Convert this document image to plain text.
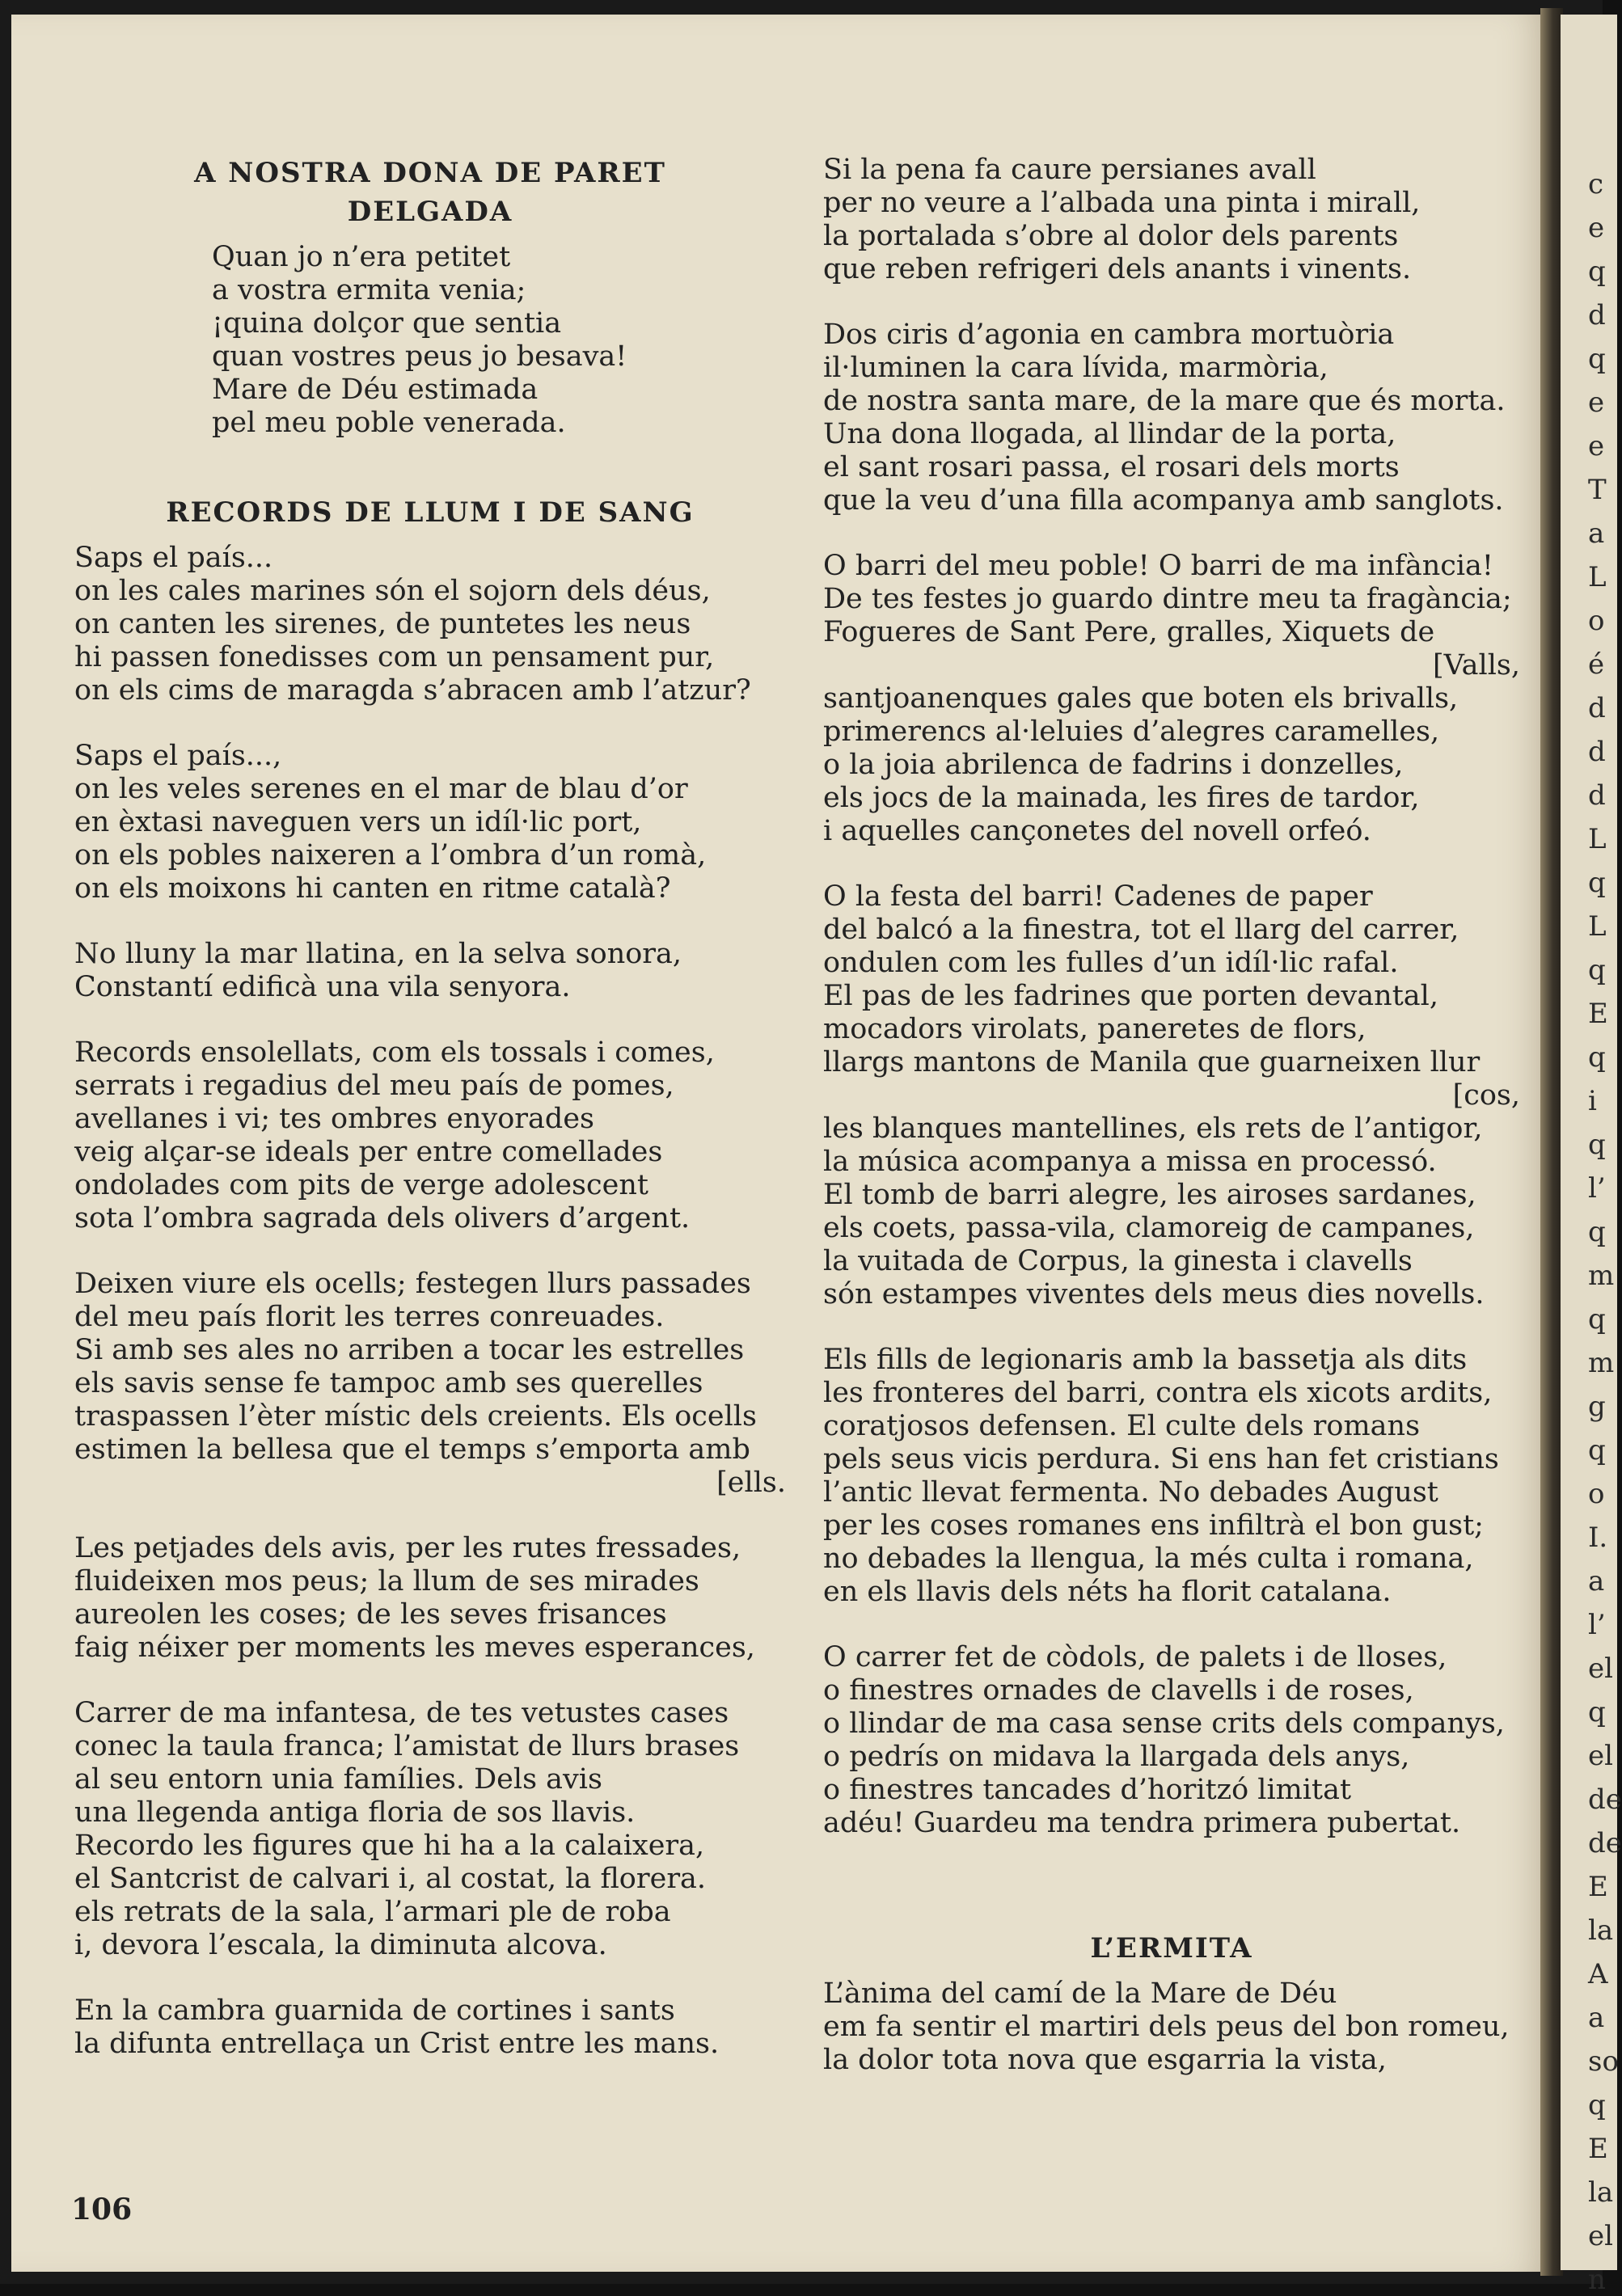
c
e
q
d
q
e
e
T
a
L
o
é
d
d
d
L
q
L
q
E
q
i
q
l’
q
m
q
m
g
q
o
I.
a
l’
el
q
el
de
de
E
la
A
a
so
q
E
la
el
n
A NOSTRA DONA DE PARET
DELGADA
Quan jo n’era petitet
a vostra ermita venia;
¡quina dolçor que sentia
quan vostres peus jo besava!
Mare de Déu estimada
pel meu poble venerada.
RECORDS DE LLUM I DE SANG
Saps el país...
on les cales marines són el sojorn dels déus,
on canten les sirenes, de puntetes les neus
hi passen fonedisses com un pensament pur,
on els cims de maragda s’abracen amb l’atzur?
Saps el país...,
on les veles serenes en el mar de blau d’or
en èxtasi naveguen vers un idíl·lic port,
on els pobles naixeren a l’ombra d’un romà,
on els moixons hi canten en ritme català?
No lluny la mar llatina, en la selva sonora,
Constantí edificà una vila senyora.
Records ensolellats, com els tossals i comes,
serrats i regadius del meu país de pomes,
avellanes i vi; tes ombres enyorades
veig alçar-se ideals per entre comellades
ondolades com pits de verge adolescent
sota l’ombra sagrada dels olivers d’argent.
Deixen viure els ocells; festegen llurs passades
del meu país florit les terres conreuades.
Si amb ses ales no arriben a tocar les estrelles
els savis sense fe tampoc amb ses querelles
traspassen l’èter místic dels creients. Els ocells
estimen la bellesa que el temps s’emporta amb
[ells.
Les petjades dels avis, per les rutes fressades,
fluideixen mos peus; la llum de ses mirades
aureolen les coses; de les seves frisances
faig néixer per moments les meves esperances,
Carrer de ma infantesa, de tes vetustes cases
conec la taula franca; l’amistat de llurs brases
al seu entorn unia famílies. Dels avis
una llegenda antiga floria de sos llavis.
Recordo les figures que hi ha a la calaixera,
el Santcrist de calvari i, al costat, la florera.
els retrats de la sala, l’armari ple de roba
i, devora l’escala, la diminuta alcova.
En la cambra guarnida de cortines i sants
la difunta entrellaça un Crist entre les mans.
Si la pena fa caure persianes avall
per no veure a l’albada una pinta i mirall,
la portalada s’obre al dolor dels parents
que reben refrigeri dels anants i vinents.
Dos ciris d’agonia en cambra mortuòria
il·luminen la cara lívida, marmòria,
de nostra santa mare, de la mare que és morta.
Una dona llogada, al llindar de la porta,
el sant rosari passa, el rosari dels morts
que la veu d’una filla acompanya amb sanglots.
O barri del meu poble! O barri de ma infància!
De tes festes jo guardo dintre meu ta fragància;
Fogueres de Sant Pere, gralles, Xiquets de
[Valls,
santjoanenques gales que boten els brivalls,
primerencs al·leluies d’alegres caramelles,
o la joia abrilenca de fadrins i donzelles,
els jocs de la mainada, les fires de tardor,
i aquelles cançonetes del novell orfeó.
O la festa del barri! Cadenes de paper
del balcó a la finestra, tot el llarg del carrer,
ondulen com les fulles d’un idíl·lic rafal.
El pas de les fadrines que porten devantal,
mocadors virolats, paneretes de flors,
llargs mantons de Manila que guarneixen llur
[cos,
les blanques mantellines, els rets de l’antigor,
la música acompanya a missa en processó.
El tomb de barri alegre, les airoses sardanes,
els coets, passa-vila, clamoreig de campanes,
la vuitada de Corpus, la ginesta i clavells
són estampes viventes dels meus dies novells.
Els fills de legionaris amb la bassetja als dits
les fronteres del barri, contra els xicots ardits,
coratjosos defensen. El culte dels romans
pels seus vicis perdura. Si ens han fet cristians
l’antic llevat fermenta. No debades August
per les coses romanes ens infiltrà el bon gust;
no debades la llengua, la més culta i romana,
en els llavis dels néts ha florit catalana.
O carrer fet de còdols, de palets i de lloses,
o finestres ornades de clavells i de roses,
o llindar de ma casa sense crits dels companys,
o pedrís on midava la llargada dels anys,
o finestres tancades d’horitzó limitat
adéu! Guardeu ma tendra primera pubertat.
L’ERMITA
L’ànima del camí de la Mare de Déu
em fa sentir el martiri dels peus del bon romeu,
la dolor tota nova que esgarria la vista,
106
